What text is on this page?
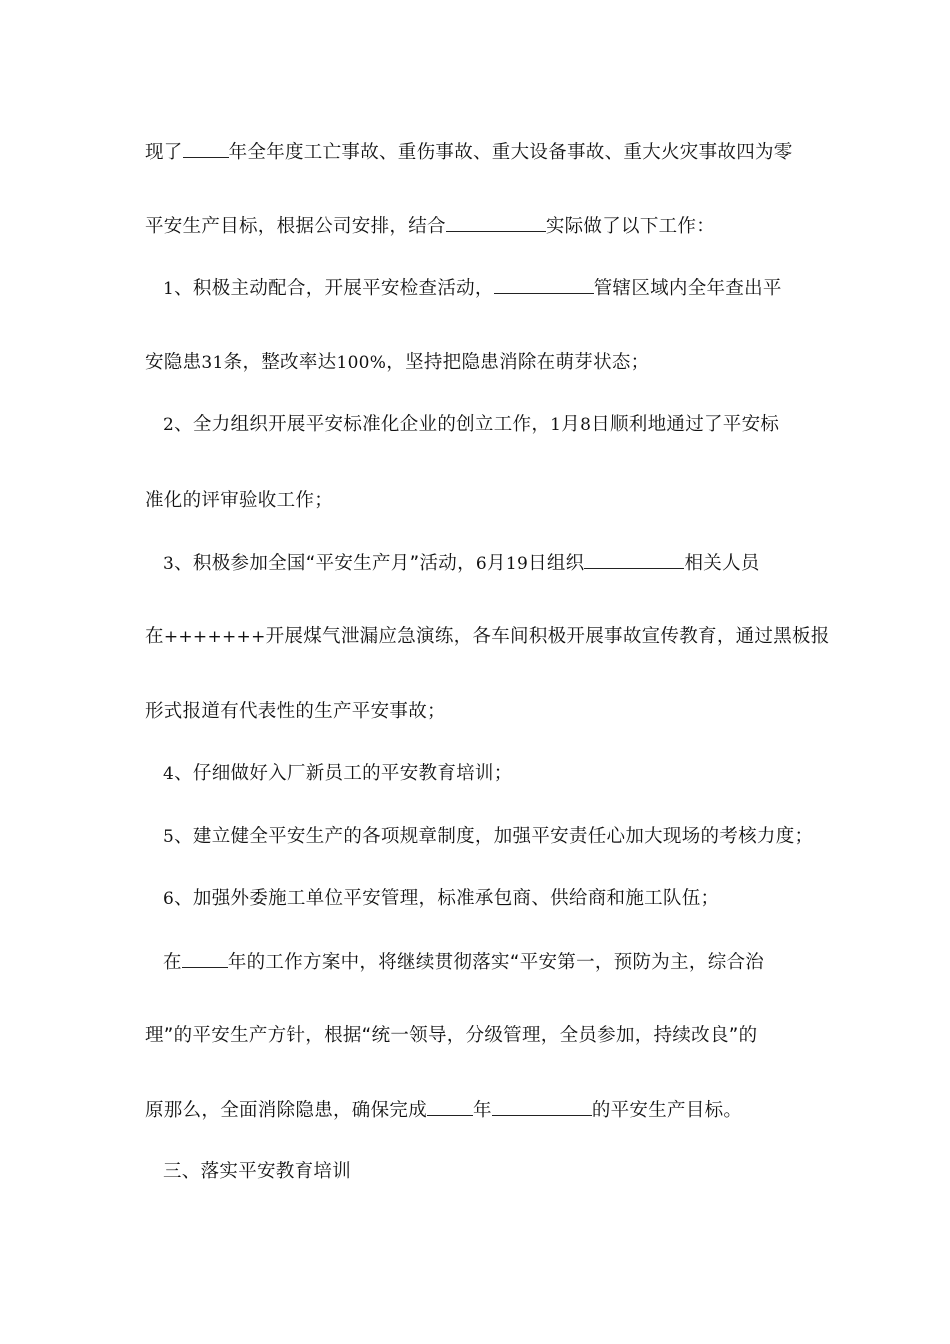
现了 年全年度工亡事故、重伤事故、重大设备事故、重大火灾事故四为零
平安生产目标，根据公司安排，结合	实际做了以下工作：
1、积极主动配合，开展平安检查活动，	管辖区域内全年查出平
安隐患31条，整改率达100%，坚持把隐患消除在萌芽状态；
2、全力组织开展平安标准化企业的创立工作，1月8日顺利地通过了平安标
准化的评审验收工作；
3、积极参加全国“平安生产月”活动，6月19日组织	相关人员
在+++++++开展煤气泄漏应急演练，各车间积极开展事故宣传教育，通过黑板报
形式报道有代表性的生产平安事故；
4、仔细做好入厂新员工的平安教育培训；
5、建立健全平安生产的各项规章制度，加强平安责任心加大现场的考核力度；
6、加强外委施工单位平安管理，标准承包商、供给商和施工队伍；
在 年的工作方案中，将继续贯彻落实“平安第一，预防为主，综合治
理”的平安生产方针，根据“统一领导，分级管理，全员参加，持续改良”的
原那么，全面消除隐患，确保完成 年	的平安生产目标。
三、落实平安教育培训
